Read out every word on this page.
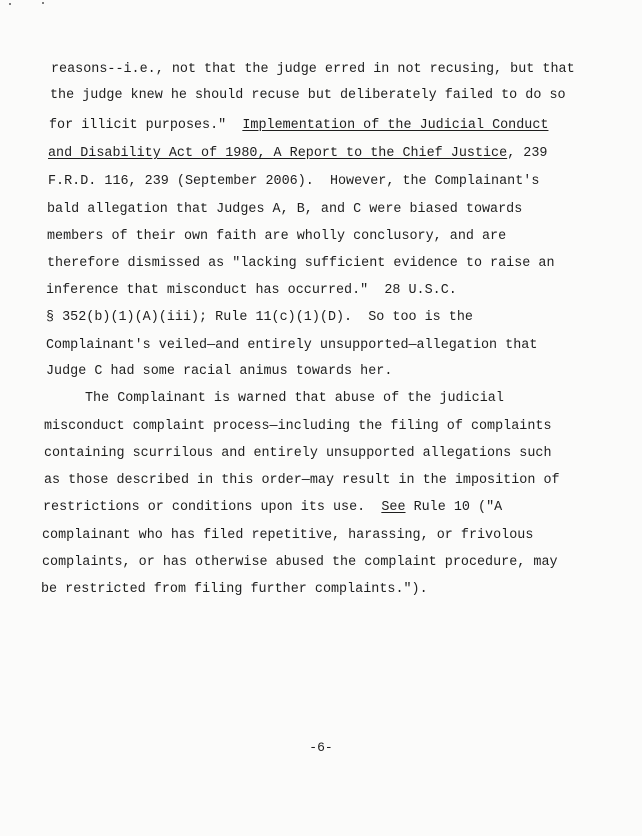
reasons--i.e., not that the judge erred in not recusing, but that
the judge knew he should recuse but deliberately failed to do so
for illicit purposes."  Implementation of the Judicial Conduct
and Disability Act of 1980, A Report to the Chief Justice, 239
F.R.D. 116, 239 (September 2006).  However, the Complainant's
bald allegation that Judges A, B, and C were biased towards
members of their own faith are wholly conclusory, and are
therefore dismissed as "lacking sufficient evidence to raise an
inference that misconduct has occurred."  28 U.S.C.
§ 352(b)(1)(A)(iii); Rule 11(c)(1)(D).  So too is the
Complainant's veiled—and entirely unsupported—allegation that
Judge C had some racial animus towards her.
The Complainant is warned that abuse of the judicial
misconduct complaint process—including the filing of complaints
containing scurrilous and entirely unsupported allegations such
as those described in this order—may result in the imposition of
restrictions or conditions upon its use.  See Rule 10 ("A
complainant who has filed repetitive, harassing, or frivolous
complaints, or has otherwise abused the complaint procedure, may
be restricted from filing further complaints.").
-6-
